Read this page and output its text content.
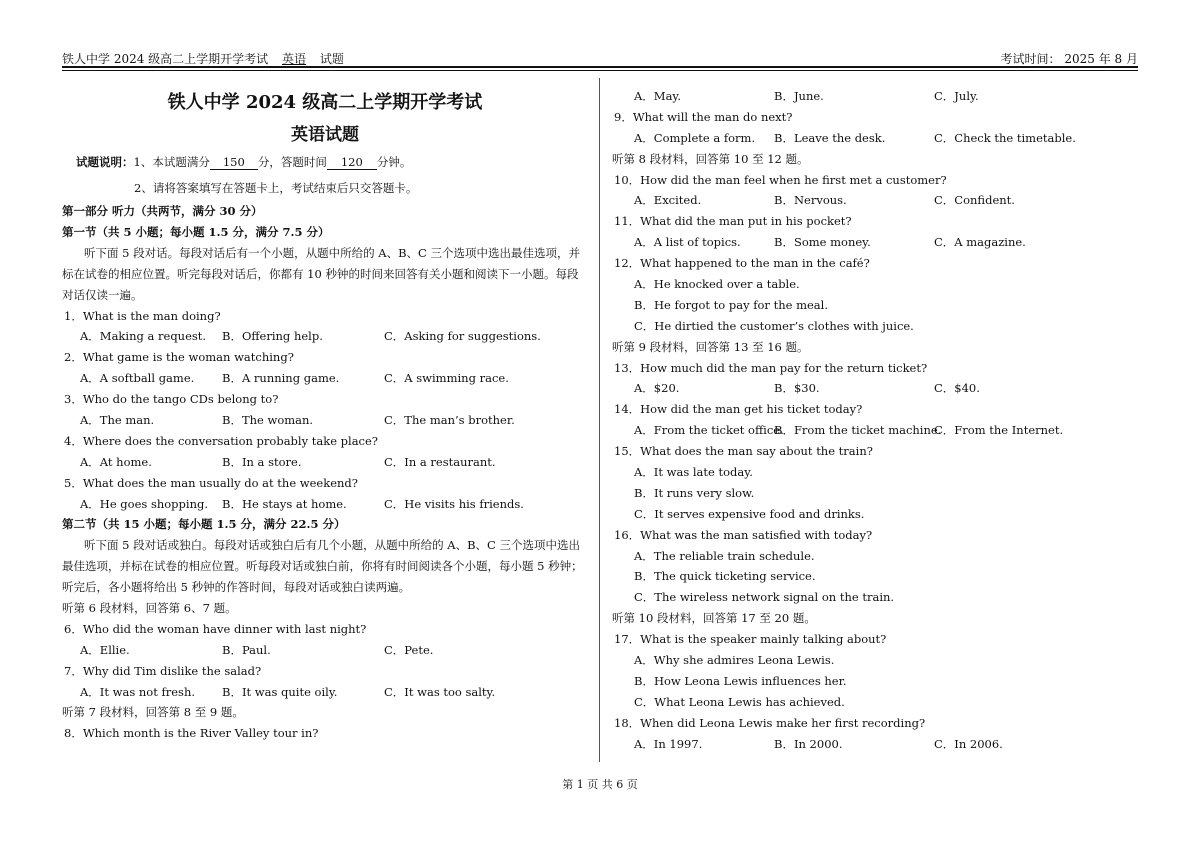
铁人中学 2024 级高二上学期开学考试 英语 试题	考试时间： 2025 年 8 月
铁人中学 2024 级高二上学期开学考试
英语试题
试题说明：1、本试题满分 150 分，答题时间 120 分钟。
2、请将答案填写在答题卡上，考试结束后只交答题卡。
第一部分 听力（共两节，满分 30 分）
第一节（共 5 小题；每小题 1.5 分，满分 7.5 分）
听下面 5 段对话。每段对话后有一个小题，从题中所给的 A、B、C 三个选项中选出最佳选项，并标在试卷的相应位置。听完每段对话后，你都有 10 秒钟的时间来回答有关小题和阅读下一小题。每段对话仅读一遍。
1．What is the man doing?
A．Making a request. B．Offering help.	C．Asking for suggestions.
2．What game is the woman watching?
A．A softball game. B．A running game.	C．A swimming race.
3．Who do the tango CDs belong to?
A．The man.	B．The woman.	C．The man’s brother.
4．Where does the conversation probably take place?
A．At home.	B．In a store.	C．In a restaurant.
5．What does the man usually do at the weekend?
A．He goes shopping. B．He stays at home.	C．He visits his friends.
第二节（共 15 小题；每小题 1.5 分，满分 22.5 分）
听下面 5 段对话或独白。每段对话或独白后有几个小题，从题中所给的 A、B、C 三个选项中选出最佳选项，并标在试卷的相应位置。听每段对话或独白前，你将有时间阅读各个小题，每小题 5 秒钟；听完后，各小题将给出 5 秒钟的作答时间，每段对话或独白读两遍。
听第 6 段材料，回答第 6、7 题。
6．Who did the woman have dinner with last night?
A．Ellie.	B．Paul.	C．Pete.
7．Why did Tim dislike the salad?
A．It was not fresh. B．It was quite oily.	C．It was too salty.
听第 7 段材料，回答第 8 至 9 题。
8．Which month is the River Valley tour in?
A．May.	B．June.	C．July.
9．What will the man do next?
A．Complete a form. B．Leave the desk.	C．Check the timetable.
听第 8 段材料，回答第 10 至 12 题。
10．How did the man feel when he first met a customer?
A．Excited.	B．Nervous.	C．Confident.
11．What did the man put in his pocket?
A．A list of topics.	B．Some money.	C．A magazine.
12．What happened to the man in the café?
A．He knocked over a table.
B．He forgot to pay for the meal.
C．He dirtied the customer’s clothes with juice.
听第 9 段材料，回答第 13 至 16 题。
13．How much did the man pay for the return ticket?
A．$20.	B．$30.	C．$40.
14．How did the man get his ticket today?
A．From the ticket office.
B．From the ticket machine.
C．From the Internet.
15．What does the man say about the train?
A．It was late today.
B．It runs very slow.
C．It serves expensive food and drinks.
16．What was the man satisfied with today?
A．The reliable train schedule.
B．The quick ticketing service.
C．The wireless network signal on the train.
听第 10 段材料，回答第 17 至 20 题。
17．What is the speaker mainly talking about?
A．Why she admires Leona Lewis.
B．How Leona Lewis influences her.
C．What Leona Lewis has achieved.
18．When did Leona Lewis make her first recording?
A．In 1997.	B．In 2000.	C．In 2006.
第 1 页 共 6 页
